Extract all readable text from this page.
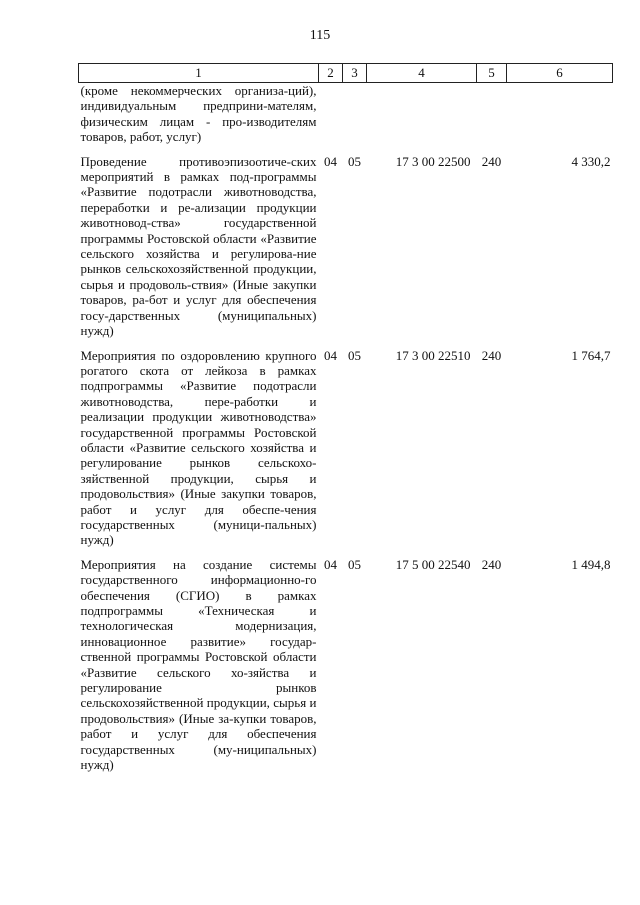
115
1	2	3	4	5	6
(кроме некоммерческих организа-ций), индивидуальным предприни-мателям, физическим лицам - про-изводителям товаров, работ, услуг)					
Проведение противоэпизоотиче-ских мероприятий в рамках под-программы «Развитие подотрасли животноводства, переработки и ре-ализации продукции животновод-ства» государственной программы Ростовской области «Развитие сельского хозяйства и регулирова-ние рынков сельскохозяйственной продукции, сырья и продоволь-ствия» (Иные закупки товаров, ра-бот и услуг для обеспечения госу-дарственных (муниципальных) нужд)	04	05	17 3 00 22500	240	4 330,2
Мероприятия по оздоровлению крупного рогатого скота от лейкоза в рамках подпрограммы «Развитие подотрасли животноводства, пере-работки и реализации продукции животноводства» государственной программы Ростовской области «Развитие сельского хозяйства и регулирование рынков сельскохо-зяйственной продукции, сырья и продовольствия» (Иные закупки товаров, работ и услуг для обеспе-чения государственных (муници-пальных) нужд)	04	05	17 3 00 22510	240	1 764,7
Мероприятия на создание системы государственного информационно-го обеспечения (СГИО) в рамках подпрограммы «Техническая и технологическая модернизация, инновационное развитие» государ-ственной программы Ростовской области «Развитие сельского хо-зяйства и регулирование рынков сельскохозяйственной продукции, сырья и продовольствия» (Иные за-купки товаров, работ и услуг для обеспечения государственных (му-ниципальных) нужд)	04	05	17 5 00 22540	240	1 494,8
